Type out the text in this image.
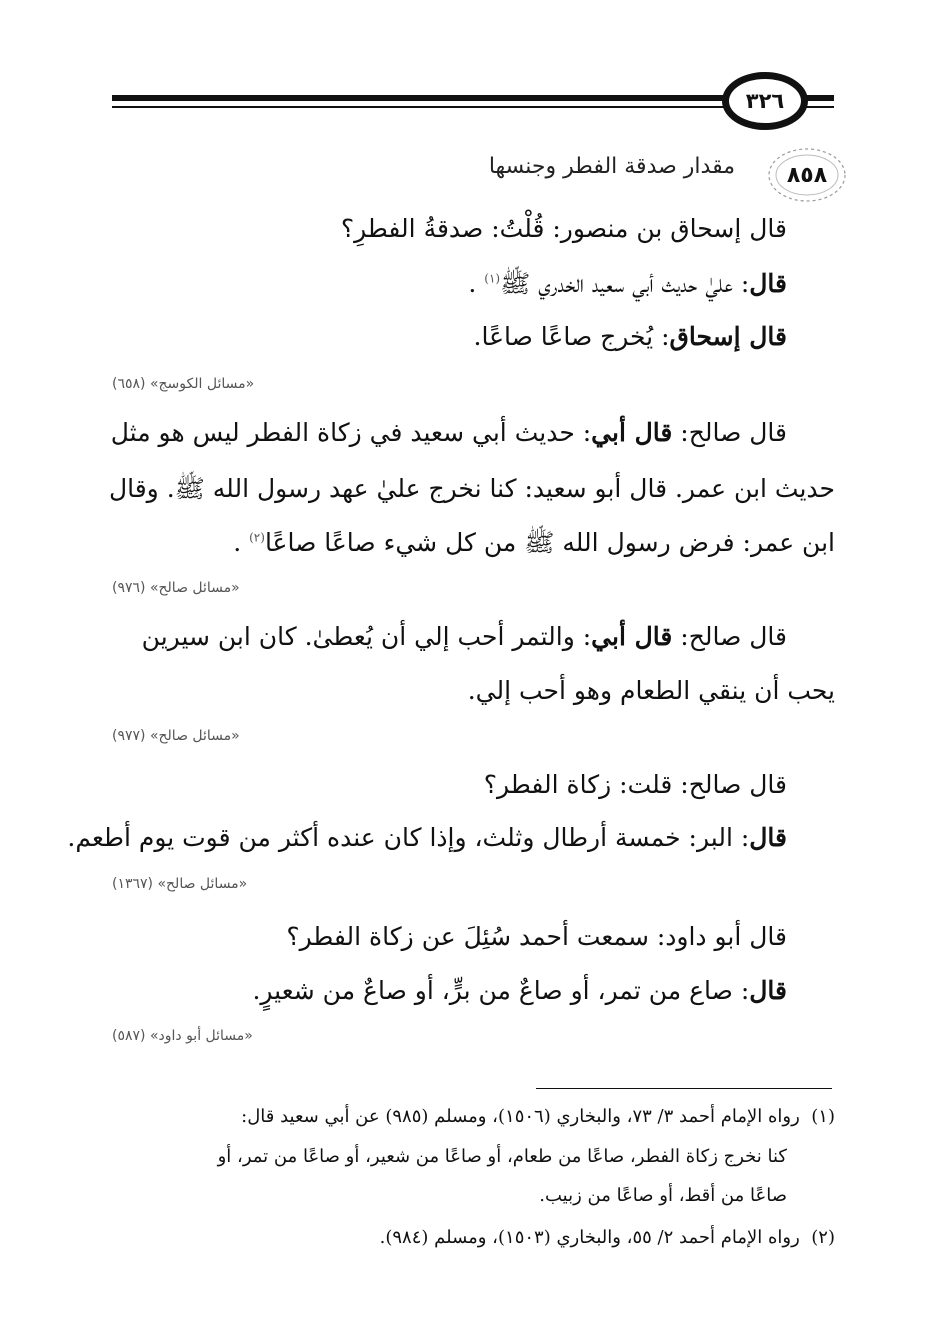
٣٢٦
٨٥٨
مقدار صدقة الفطر وجنسها
قال إسحاق بن منصور: قُلْتُ: صدقةُ الفطرِ؟
قال: عليٰ حديث أبي سعيد الخدري ﷺ$^{(١)}$ .
قال إسحاق: يُخرج صاعًا صاعًا.
«مسائل الكوسج» (٦٥٨)
قال صالح: قال أبي: حديث أبي سعيد في زكاة الفطر ليس هو مثل
حديث ابن عمر. قال أبو سعيد: كنا نخرج عليٰ عهد رسول الله ﷺ. وقال
ابن عمر: فرض رسول الله ﷺ من كل شيء صاعًا صاعًا$^{(٢)}$ .
«مسائل صالح» (٩٧٦)
قال صالح: قال أبي: والتمر أحب إلي أن يُعطىٰ. كان ابن سيرين
يحب أن ينقي الطعام وهو أحب إلي.
«مسائل صالح» (٩٧٧)
قال صالح: قلت: زكاة الفطر؟
قال: البر: خمسة أرطال وثلث، وإذا كان عنده أكثر من قوت يوم أطعم.
«مسائل صالح» (١٣٦٧)
قال أبو داود: سمعت أحمد سُئِلَ عن زكاة الفطر؟
قال: صاع من تمر، أو صاعٌ من برٍّ، أو صاعٌ من شعيرٍ.
«مسائل أبو داود» (٥٨٧)
(١)  رواه الإمام أحمد ٣/ ٧٣، والبخاري (١٥٠٦)، ومسلم (٩٨٥) عن أبي سعيد قال:
كنا نخرج زكاة الفطر، صاعًا من طعام، أو صاعًا من شعير، أو صاعًا من تمر، أو
صاعًا من أقط، أو صاعًا من زبيب.
(٢)  رواه الإمام أحمد ٢/ ٥٥، والبخاري (١٥٠٣)، ومسلم (٩٨٤).
